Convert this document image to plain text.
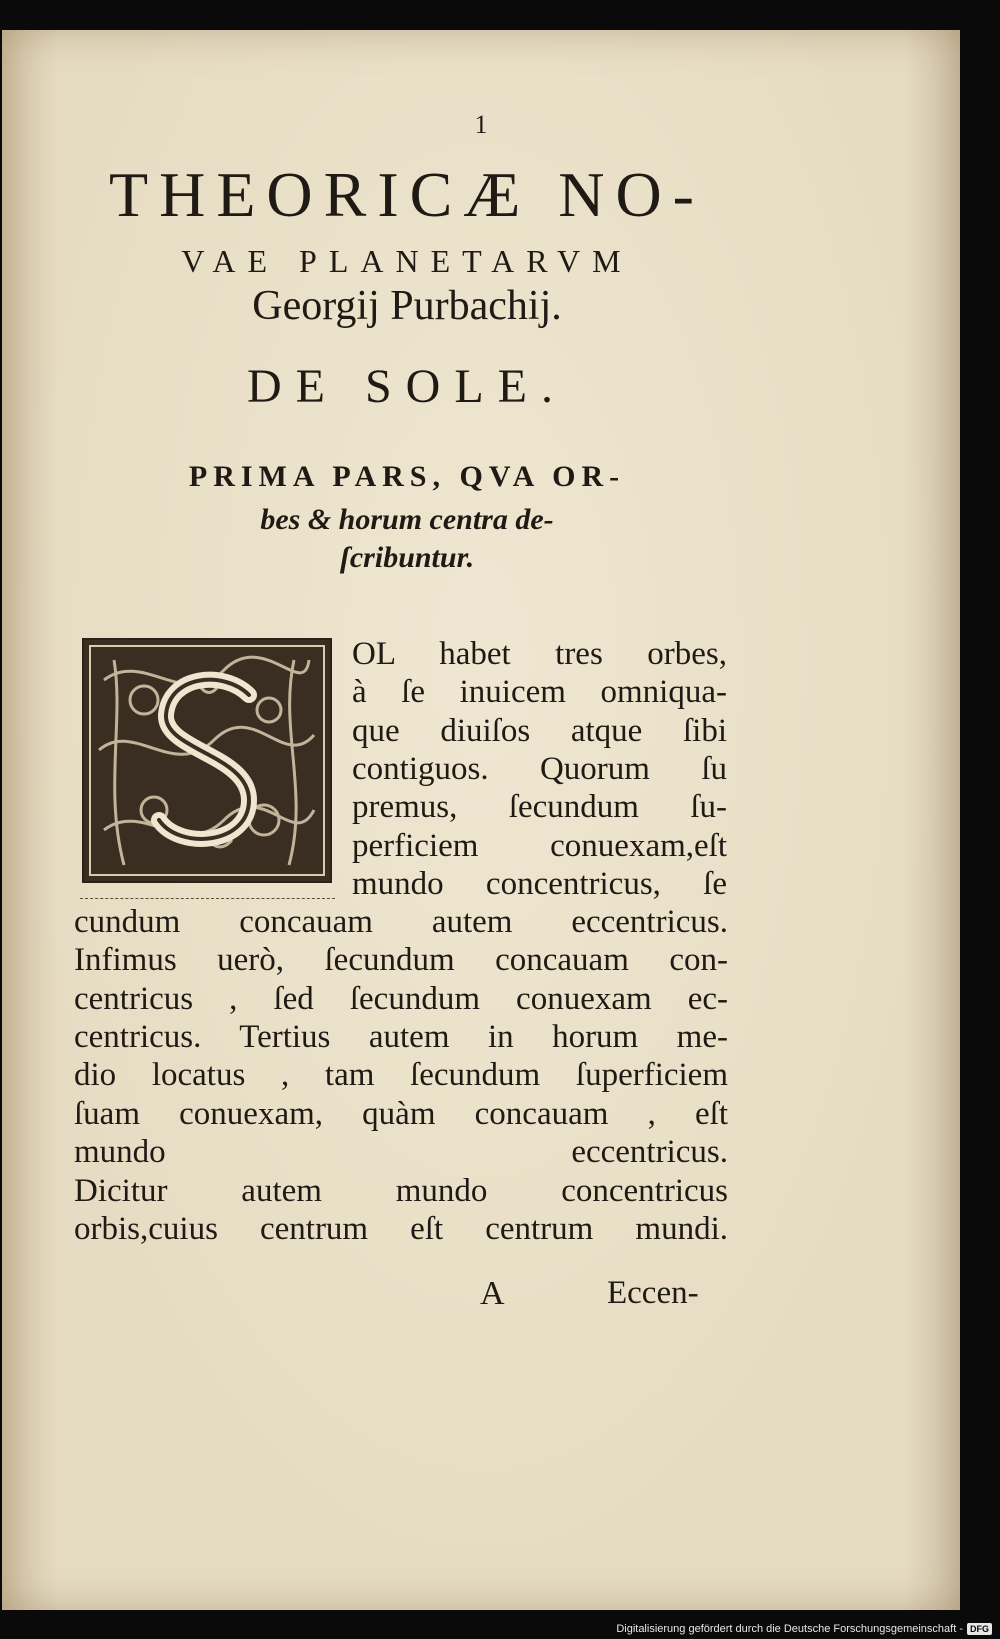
1
THEORICÆ NO-
VAE PLANETARVM
Georgij Purbachij.
DE SOLE.
PRIMA PARS, QVA OR-
bes & horum centra de-
ſcribuntur.
OL habet tres orbes,
à ſe inuicem omniqua-
que diuiſos atque ſibi
contiguos. Quorum ſu
premus, ſecundum ſu-
perficiem conuexam,eſt
mundo concentricus, ſe
cundum concauam autem eccentricus.
Infimus uerò, ſecundum concauam con-
centricus , ſed ſecundum conuexam ec-
centricus. Tertius autem in horum me-
dio locatus , tam ſecundum ſuperficiem
ſuam conuexam, quàm concauam , eſt
mundo eccentricus.
Dicitur autem mundo concentricus
orbis,cuius centrum eſt centrum mundi.
A	Eccen-
Digitalisierung gefördert durch die Deutsche Forschungsgemeinschaft - DFG
